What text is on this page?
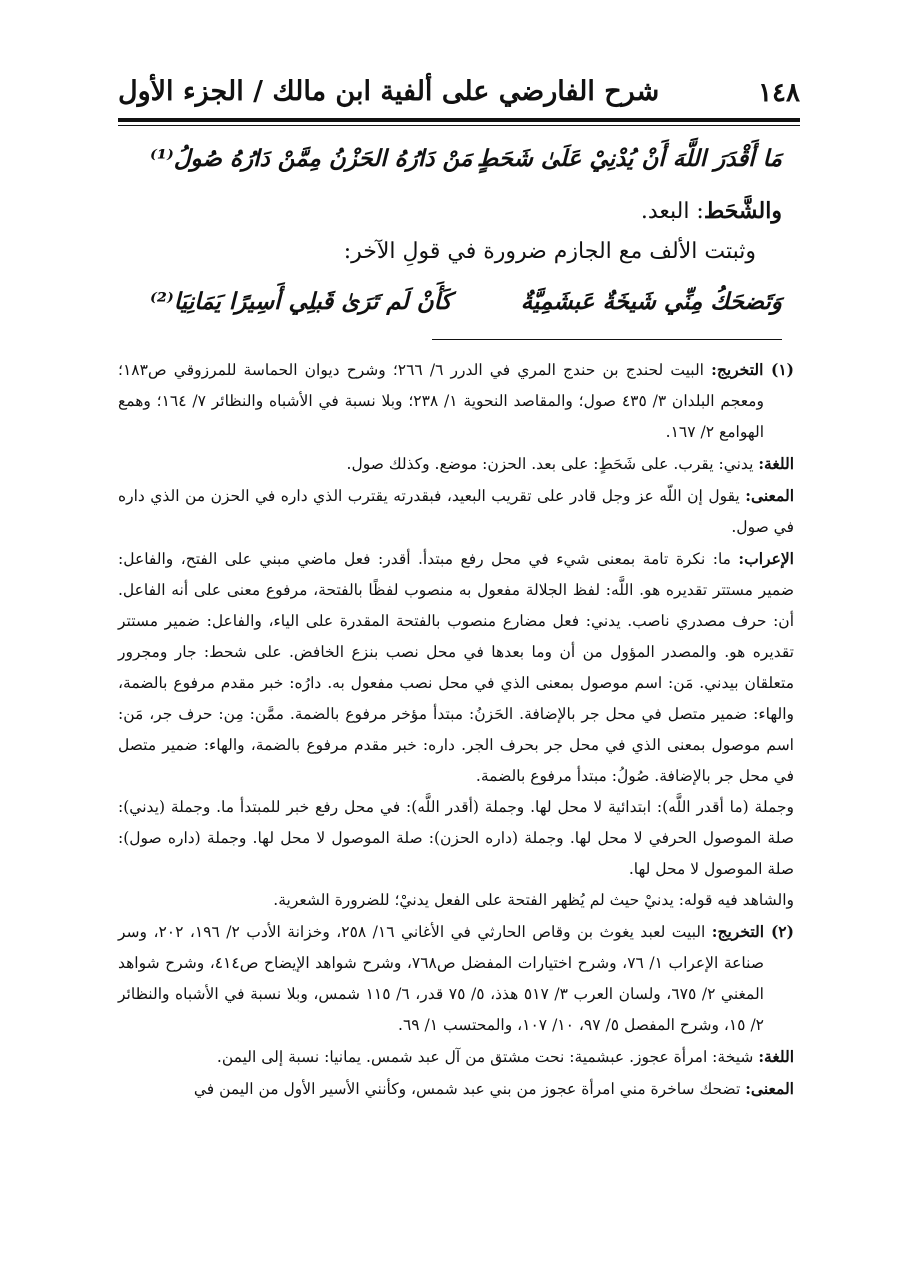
١٤٨
شرح الفارضي على ألفية ابن مالك / الجزء الأول
مَا أَقْدَرَ اللَّهَ أَنْ يُدْنِيْ عَلَىٰ شَحَطٍ
مَنْ دَارُهُ الحَزْنُ مِمَّنْ دَارُهُ صُولُ⁽¹⁾
والشَّحَط: البعد.
وثبتت الألف مع الجازم ضرورة في قولِ الآخر:
وَتَضحَكُ مِنِّي شَيخَةٌ عَبشَمِيَّةٌ
كَأَنْ لَم تَرَىٰ قَبلِي أَسِيرًا يَمَانِيَا⁽²⁾

(١) التخريج: البيت لحندج بن حندج المري في الدرر ٦/ ٢٦٦؛ وشرح ديوان الحماسة للمرزوقي ص١٨٣؛ ومعجم البلدان ٣/ ٤٣٥ صول؛ والمقاصد النحوية ١/ ٢٣٨؛ وبلا نسبة في الأشباه والنظائر ٧/ ١٦٤؛ وهمع الهوامع ٢/ ١٦٧.

اللغة: يدني: يقرب. على شَحَطٍ: على بعد. الحزن: موضع. وكذلك صول.

المعنى: يقول إن اللّه عز وجل قادر على تقريب البعيد، فبقدرته يقترب الذي داره في الحزن من الذي داره في صول.

الإعراب: ما: نكرة تامة بمعنى شيء في محل رفع مبتدأ. أقدر: فعل ماضي مبني على الفتح، والفاعل: ضمير مستتر تقديره هو. اللَّه: لفظ الجلالة مفعول به منصوب لفظًا بالفتحة، مرفوع معنى على أنه الفاعل. أن: حرف مصدري ناصب. يدني: فعل مضارع منصوب بالفتحة المقدرة على الياء، والفاعل: ضمير مستتر تقديره هو. والمصدر المؤول من أن وما بعدها في محل نصب بنزع الخافض. على شحط: جار ومجرور متعلقان بيدني. مَن: اسم موصول بمعنى الذي في محل نصب مفعول به. دارُه: خبر مقدم مرفوع بالضمة، والهاء: ضمير متصل في محل جر بالإضافة. الحَزنُ: مبتدأ مؤخر مرفوع بالضمة. ممَّن: مِن: حرف جر، مَن: اسم موصول بمعنى الذي في محل جر بحرف الجر. داره: خبر مقدم مرفوع بالضمة، والهاء: ضمير متصل في محل جر بالإضافة. صُولُ: مبتدأ مرفوع بالضمة.

وجملة (ما أقدر اللَّه): ابتدائية لا محل لها. وجملة (أقدر اللَّه): في محل رفع خبر للمبتدأ ما. وجملة (يدني): صلة الموصول الحرفي لا محل لها. وجملة (داره الحزن): صلة الموصول لا محل لها. وجملة (داره صول): صلة الموصول لا محل لها.

والشاهد فيه قوله: يدنيْ حيث لم يُظهر الفتحة على الفعل يدنيْ؛ للضرورة الشعرية.

(٢) التخريج: البيت لعبد يغوث بن وقاص الحارثي في الأغاني ١٦/ ٢٥٨، وخزانة الأدب ٢/ ١٩٦، ٢٠٢، وسر صناعة الإعراب ١/ ٧٦، وشرح اختيارات المفضل ص٧٦٨، وشرح شواهد الإيضاح ص٤١٤، وشرح شواهد المغني ٢/ ٦٧٥، ولسان العرب ٣/ ٥١٧ هذذ، ٥/ ٧٥ قدر، ٦/ ١١٥ شمس، وبلا نسبة في الأشباه والنظائر ٢/ ١٥، وشرح المفصل ٥/ ٩٧، ١٠/ ١٠٧، والمحتسب ١/ ٦٩.

اللغة: شيخة: امرأة عجوز. عبشمية: نحت مشتق من آل عبد شمس. يمانيا: نسبة إلى اليمن.

المعنى: تضحك ساخرة مني امرأة عجوز من بني عبد شمس، وكأنني الأسير الأول من اليمن في
